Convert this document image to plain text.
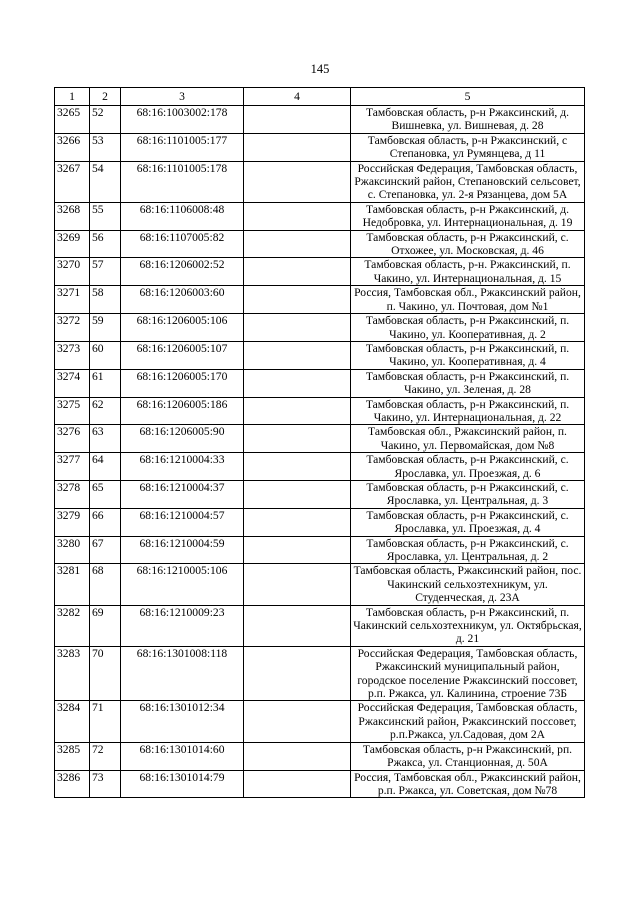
145
1	2	3	4	5
3265	52	68:16:1003002:178		Тамбовская область, р-н Ржаксинский, д. Вишневка, ул. Вишневая, д. 28
3266	53	68:16:1101005:177		Тамбовская область, р-н Ржаксинский, с Степановка, ул Румянцева, д 11
3267	54	68:16:1101005:178		Российская Федерация, Тамбовская область, Ржаксинский район, Степановский сельсовет, с. Степановка, ул. 2-я Рязанцева, дом 5А
3268	55	68:16:1106008:48		Тамбовская область, р-н Ржаксинский, д. Недобровка, ул. Интернациональная, д. 19
3269	56	68:16:1107005:82		Тамбовская область, р-н Ржаксинский, с. Отхожее, ул. Московская, д. 46
3270	57	68:16:1206002:52		Тамбовская область, р-н. Ржаксинский, п. Чакино, ул. Интернациональная, д. 15
3271	58	68:16:1206003:60		Россия, Тамбовская обл., Ржаксинский район, п. Чакино, ул. Почтовая, дом №1
3272	59	68:16:1206005:106		Тамбовская область, р-н Ржаксинский, п. Чакино, ул. Кооперативная, д. 2
3273	60	68:16:1206005:107		Тамбовская область, р-н Ржаксинский, п. Чакино, ул. Кооперативная, д. 4
3274	61	68:16:1206005:170		Тамбовская область, р-н Ржаксинский, п. Чакино, ул. Зеленая, д. 28
3275	62	68:16:1206005:186		Тамбовская область, р-н Ржаксинский, п. Чакино, ул. Интернациональная, д. 22
3276	63	68:16:1206005:90		Тамбовская обл., Ржаксинский район, п. Чакино, ул. Первомайская, дом №8
3277	64	68:16:1210004:33		Тамбовская область, р-н Ржаксинский, с. Ярославка, ул. Проезжая, д. 6
3278	65	68:16:1210004:37		Тамбовская область, р-н Ржаксинский, с. Ярославка, ул. Центральная, д. 3
3279	66	68:16:1210004:57		Тамбовская область, р-н Ржаксинский, с. Ярославка, ул. Проезжая, д. 4
3280	67	68:16:1210004:59		Тамбовская область, р-н Ржаксинский, с. Ярославка, ул. Центральная, д. 2
3281	68	68:16:1210005:106		Тамбовская область, Ржаксинский район, пос. Чакинский сельхозтехникум, ул. Студенческая, д. 23А
3282	69	68:16:1210009:23		Тамбовская область, р-н Ржаксинский, п. Чакинский сельхозтехникум, ул. Октябрьская, д. 21
3283	70	68:16:1301008:118		Российская Федерация, Тамбовская область, Ржаксинский муниципальный район, городское поселение Ржаксинский поссовет, р.п. Ржакса, ул. Калинина, строение 73Б
3284	71	68:16:1301012:34		Российская Федерация, Тамбовская область, Ржаксинский район, Ржаксинский поссовет, р.п.Ржакса, ул.Садовая, дом 2А
3285	72	68:16:1301014:60		Тамбовская область, р-н Ржаксинский, рп. Ржакса, ул. Станционная, д. 50А
3286	73	68:16:1301014:79		Россия, Тамбовская обл., Ржаксинский район, р.п. Ржакса, ул. Советская, дом №78
